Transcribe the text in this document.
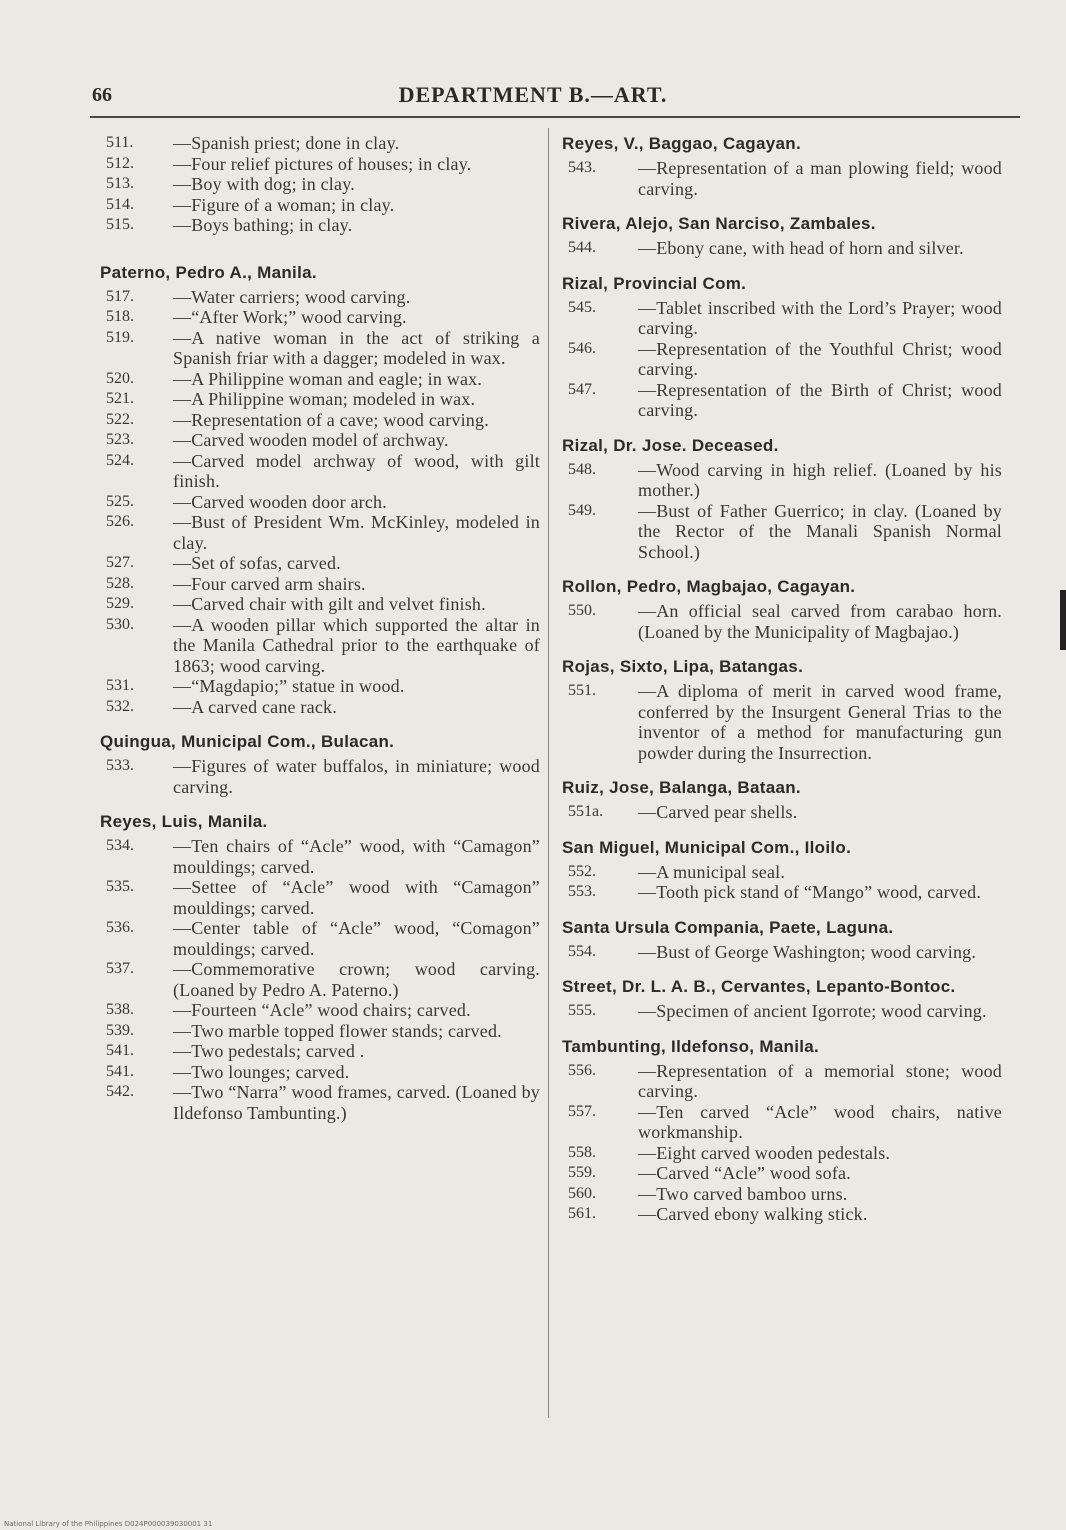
66	DEPARTMENT B.—ART.
511. —Spanish priest; done in clay.
512. —Four relief pictures of houses; in clay.
513. —Boy with dog; in clay.
514. —Figure of a woman; in clay.
515. —Boys bathing; in clay.
Paterno, Pedro A., Manila.
517. —Water carriers; wood carving.
518. —“After Work;” wood carving.
519. —A native woman in the act of striking a Spanish friar with a dagger; modeled in wax.
520. —A Philippine woman and eagle; in wax.
521. —A Philippine woman; modeled in wax.
522. —Representation of a cave; wood carving.
523. —Carved wooden model of archway.
524. —Carved model archway of wood, with gilt finish.
525. —Carved wooden door arch.
526. —Bust of President Wm. McKinley, modeled in clay.
527. —Set of sofas, carved.
528. —Four carved arm shairs.
529. —Carved chair with gilt and velvet finish.
530. —A wooden pillar which supported the altar in the Manila Cathedral prior to the earthquake of 1863; wood carving.
531. —“Magdapio;” statue in wood.
532. —A carved cane rack.
Quingua, Municipal Com., Bulacan.
533. —Figures of water buffalos, in miniature; wood carving.
Reyes, Luis, Manila.
534. —Ten chairs of “Acle” wood, with “Camagon” mouldings; carved.
535. —Settee of “Acle” wood with “Camagon” mouldings; carved.
536. —Center table of “Acle” wood, “Comagon” mouldings; carved.
537. —Commemorative crown; wood carving. (Loaned by Pedro A. Paterno.)
538. —Fourteen “Acle” wood chairs; carved.
539. —Two marble topped flower stands; carved.
541. —Two pedestals; carved .
541. —Two lounges; carved.
542. —Two “Narra” wood frames, carved. (Loaned by Ildefonso Tambunting.)
Reyes, V., Baggao, Cagayan.
543. —Representation of a man plowing field; wood carving.
Rivera, Alejo, San Narciso, Zambales.
544. —Ebony cane, with head of horn and silver.
Rizal, Provincial Com.
545. —Tablet inscribed with the Lord’s Prayer; wood carving.
546. —Representation of the Youthful Christ; wood carving.
547. —Representation of the Birth of Christ; wood carving.
Rizal, Dr. Jose. Deceased.
548. —Wood carving in high relief. (Loaned by his mother.)
549. —Bust of Father Guerrico; in clay. (Loaned by the Rector of the Manali Spanish Normal School.)
Rollon, Pedro, Magbajao, Cagayan.
550. —An official seal carved from carabao horn. (Loaned by the Municipality of Magbajao.)
Rojas, Sixto, Lipa, Batangas.
551. —A diploma of merit in carved wood frame, conferred by the Insurgent General Trias to the inventor of a method for manufacturing gun powder during the Insurrection.
Ruiz, Jose, Balanga, Bataan.
551a. —Carved pear shells.
San Miguel, Municipal Com., Iloilo.
552. —A municipal seal.
553. —Tooth pick stand of “Mango” wood, carved.
Santa Ursula Compania, Paete, Laguna.
554. —Bust of George Washington; wood carving.
Street, Dr. L. A. B., Cervantes, Lepanto-Bontoc.
555. —Specimen of ancient Igorrote; wood carving.
Tambunting, Ildefonso, Manila.
556. —Representation of a memorial stone; wood carving.
557. —Ten carved “Acle” wood chairs, native workmanship.
558. —Eight carved wooden pedestals.
559. —Carved “Acle” wood sofa.
560. —Two carved bamboo urns.
561. —Carved ebony walking stick.
National Library of the Philippines D024P000039030001 31
